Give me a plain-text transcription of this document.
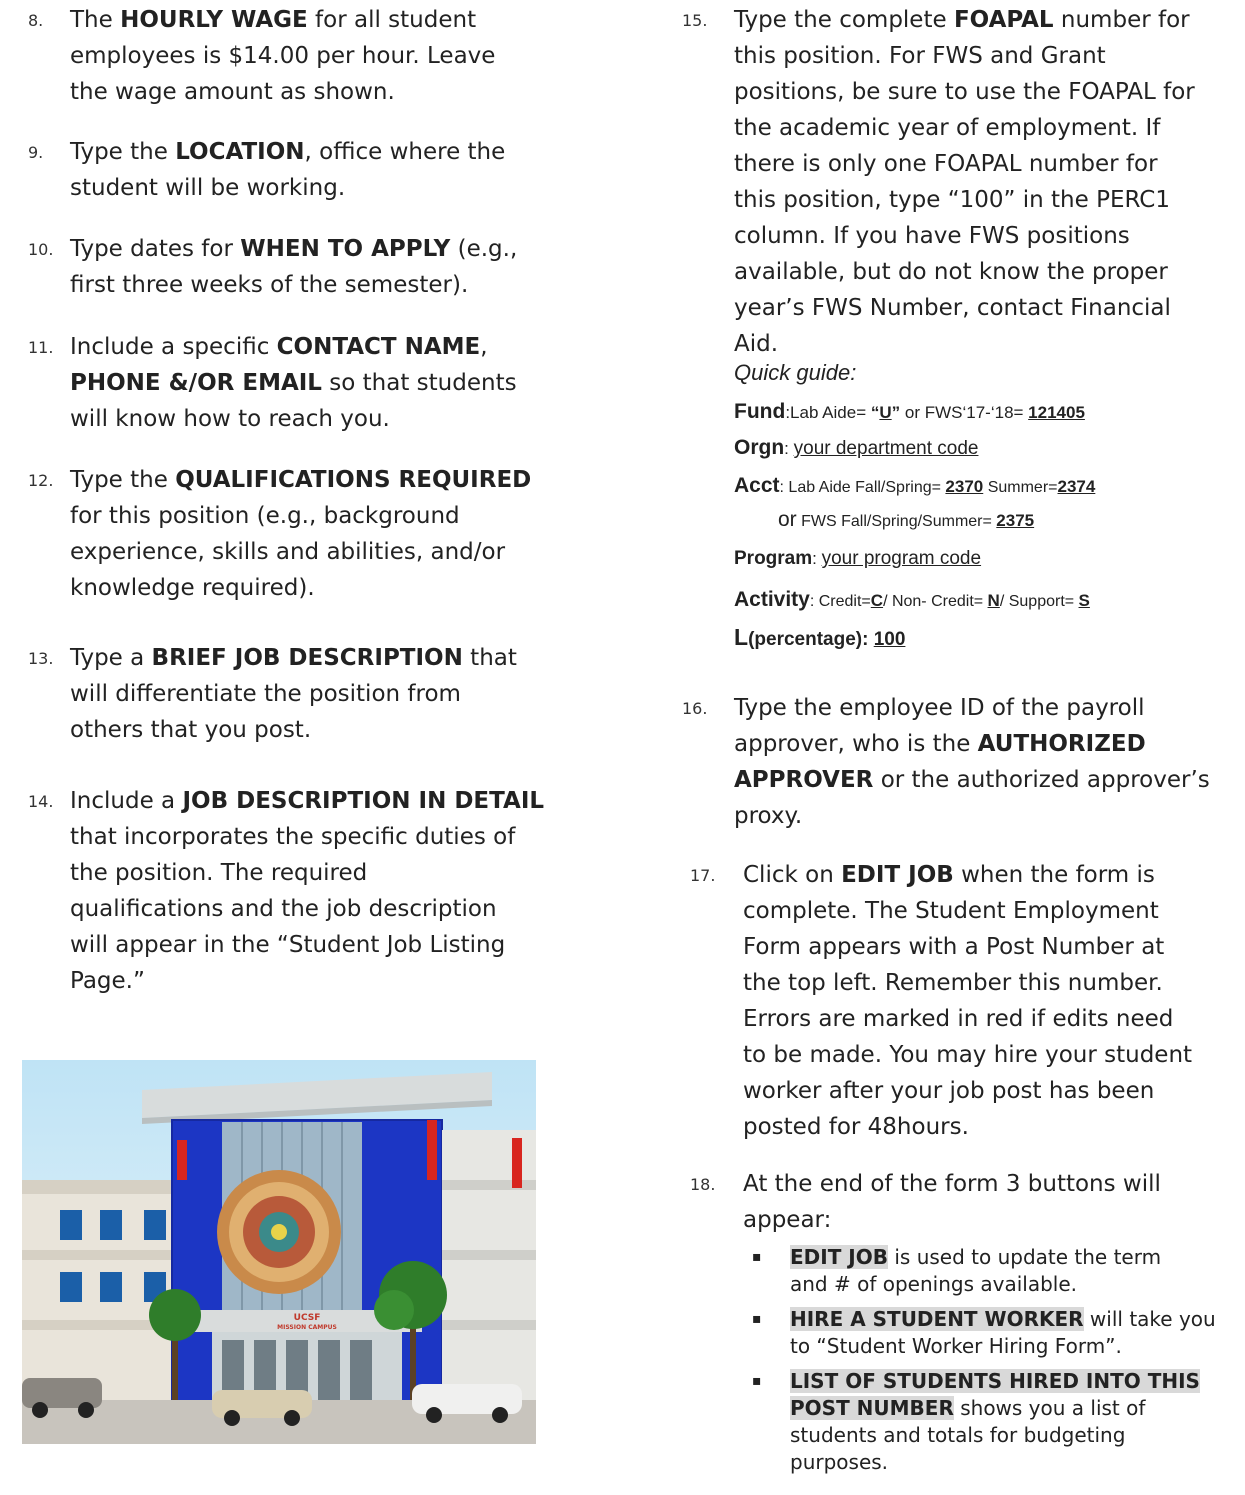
8. The HOURLY WAGE for all student
employees is $14.00 per hour. Leave
the wage amount as shown.
9. Type the LOCATION, office where the
student will be working.
10. Type dates for WHEN TO APPLY (e.g.,
first three weeks of the semester).
11. Include a specific CONTACT NAME,
PHONE &/OR EMAIL so that students
will know how to reach you.
12. Type the QUALIFICATIONS REQUIRED
for this position (e.g., background
experience, skills and abilities, and/or
knowledge required).
13. Type a BRIEF JOB DESCRIPTION that
will differentiate the position from
others that you post.
14. Include a JOB DESCRIPTION IN DETAIL
that incorporates the specific duties of
the position. The required
qualifications and the job description
will appear in the “Student Job Listing
Page.”
UCSF
MISSION CAMPUS
15. Type the complete FOAPAL number for
this position. For FWS and Grant
positions, be sure to use the FOAPAL for
the academic year of employment. If
there is only one FOAPAL number for
this position, type “100” in the PERC1
column. If you have FWS positions
available, but do not know the proper
year’s FWS Number, contact Financial
Aid.
Quick guide:
Fund:Lab Aide= “U” or FWS‘17-‘18= 121405
Orgn: your department code
Acct: Lab Aide Fall/Spring= 2370 Summer=2374
or FWS Fall/Spring/Summer= 2375
Program: your program code
Activity: Credit=C/ Non- Credit= N/ Support= S
L(percentage): 100
16. Type the employee ID of the payroll
approver, who is the AUTHORIZED
APPROVER or the authorized approver’s
proxy.
17. Click on EDIT JOB when the form is
complete. The Student Employment
Form appears with a Post Number at
the top left. Remember this number.
Errors are marked in red if edits need
to be made. You may hire your student
worker after your job post has been
posted for 48hours.
18. At the end of the form 3 buttons will
appear:
▪ EDIT JOB is used to update the term
and # of openings available.
▪ HIRE A STUDENT WORKER will take you
to “Student Worker Hiring Form”.
▪ LIST OF STUDENTS HIRED INTO THIS
POST NUMBER shows you a list of
students and totals for budgeting
purposes.
